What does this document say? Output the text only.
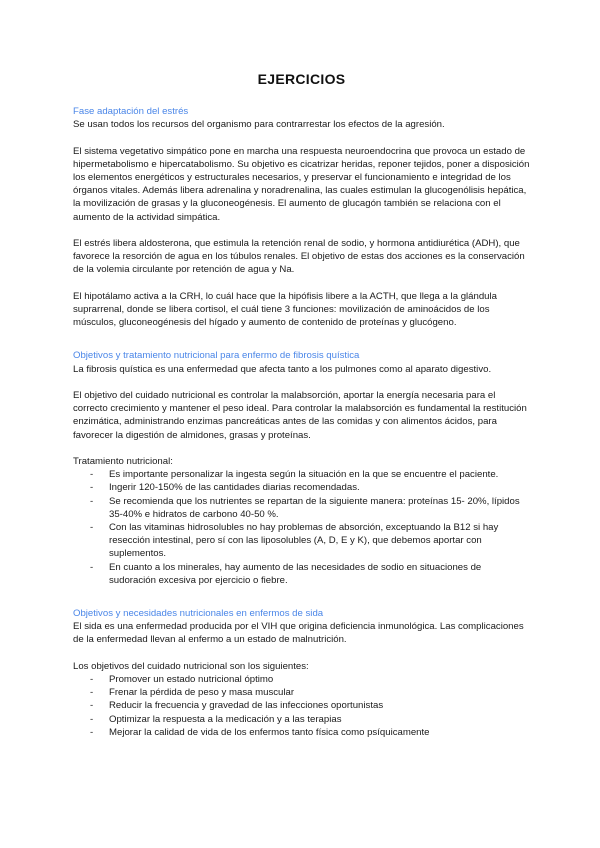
EJERCICIOS

Fase adaptación del estrés

Se usan todos los recursos del organismo para contrarrestar los efectos de la agresión.

El sistema vegetativo simpático pone en marcha una respuesta neuroendocrina que provoca un estado de hipermetabolismo e hipercatabolismo. Su objetivo es cicatrizar heridas, reponer tejidos, poner a disposición los elementos energéticos y estructurales necesarios, y preservar el funcionamiento e integridad de los órganos vitales. Además libera adrenalina y noradrenalina, las cuales estimulan la glucogenólisis hepática, la movilización de grasas y la gluconeogénesis. El aumento de glucagón también se relaciona con el aumento de la actividad simpática.

El estrés libera aldosterona, que estimula la retención renal de sodio, y hormona antidiurética (ADH), que favorece la resorción de agua en los túbulos renales. El objetivo de estas dos acciones es la conservación de la volemia circulante por retención de agua y Na.

El hipotálamo activa a la CRH, lo cuál hace que la hipófisis libere a la ACTH, que llega a la glándula suprarrenal, donde se libera cortisol, el cuál tiene 3 funciones: movilización de aminoácidos de los músculos, gluconeogénesis del hígado y aumento de contenido de proteínas y glucógeno.

Objetivos y tratamiento nutricional para enfermo de fibrosis quística

La fibrosis quística es una enfermedad que afecta tanto a los pulmones como al aparato digestivo.

El objetivo del cuidado nutricional es controlar la malabsorción, aportar la energía necesaria para el correcto crecimiento y mantener el peso ideal. Para controlar la malabsorción es fundamental la restitución enzimática, administrando enzimas pancreáticas antes de las comidas y con alimentos ácidos, para favorecer la digestión de almidones, grasas y proteínas.

Tratamiento nutricional:

- Es importante personalizar la ingesta según la situación en la que se encuentre el paciente.
- Ingerir 120-150% de las cantidades diarias recomendadas.
- Se recomienda que los nutrientes se repartan de la siguiente manera: proteínas 15- 20%, lípidos 35-40% e hidratos de carbono 40-50 %.
- Con las vitaminas hidrosolubles no hay problemas de absorción, exceptuando la B12 si hay resección intestinal, pero sí con las liposolubles (A, D, E y K), que debemos aportar con suplementos.
- En cuanto a los minerales, hay aumento de las necesidades de sodio en situaciones de sudoración excesiva por ejercicio o fiebre.

Objetivos y necesidades nutricionales en enfermos de sida

El sida es una enfermedad producida por el VIH que origina deficiencia inmunológica. Las complicaciones de la enfermedad llevan al enfermo a un estado de malnutrición.

Los objetivos del cuidado nutricional son los siguientes:

- Promover un estado nutricional óptimo
- Frenar la pérdida de peso y masa muscular
- Reducir la frecuencia y gravedad de las infecciones oportunistas
- Optimizar la respuesta a la medicación y a las terapias
- Mejorar la calidad de vida de los enfermos tanto física como psíquicamente
